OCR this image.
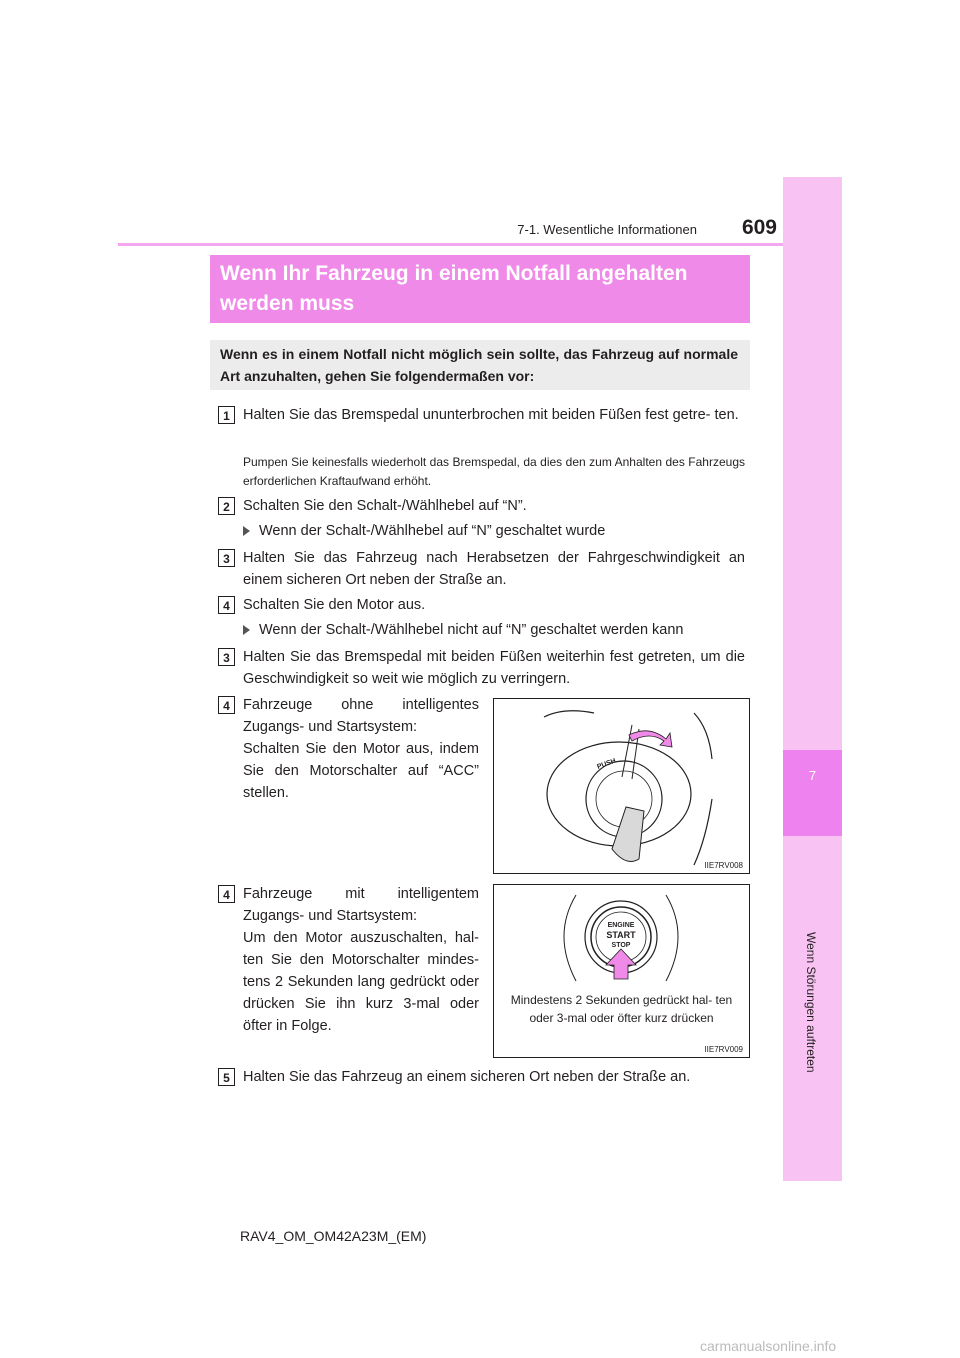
7
Wenn Störungen auftreten
7-1. Wesentliche Informationen	609
Wenn Ihr Fahrzeug in einem Notfall angehalten
werden muss
Wenn es in einem Notfall nicht möglich sein sollte, das Fahrzeug auf normale Art anzuhalten, gehen Sie folgendermaßen vor:
1 Halten Sie das Bremspedal ununterbrochen mit beiden Füßen fest getre- ten.
Pumpen Sie keinesfalls wiederholt das Bremspedal, da dies den zum Anhalten des Fahrzeugs erforderlichen Kraftaufwand erhöht.
2 Schalten Sie den Schalt-/Wählhebel auf “N”.
Wenn der Schalt-/Wählhebel auf “N” geschaltet wurde
3 Halten Sie das Fahrzeug nach Herabsetzen der Fahrgeschwindigkeit an einem sicheren Ort neben der Straße an.
4 Schalten Sie den Motor aus.
Wenn der Schalt-/Wählhebel nicht auf “N” geschaltet werden kann
3 Halten Sie das Bremspedal mit beiden Füßen weiterhin fest getreten, um die Geschwindigkeit so weit wie möglich zu verringern.
4 Fahrzeuge ohne intelligentes
Zugangs- und Startsystem:
Schalten Sie den Motor aus, indem Sie den Motorschalter auf “ACC” stellen.
PUSH
IIE7RV008
4 Fahrzeuge mit intelligentem
Zugangs- und Startsystem:
Um den Motor auszuschalten, hal- ten Sie den Motorschalter mindes- tens 2 Sekunden lang gedrückt oder drücken Sie ihn kurz 3-mal oder öfter in Folge.
ENGINE
START
STOP
Mindestens 2 Sekunden gedrückt hal- ten oder 3-mal oder öfter kurz drücken
IIE7RV009
5 Halten Sie das Fahrzeug an einem sicheren Ort neben der Straße an.
RAV4_OM_OM42A23M_(EM)
carmanualsonline.info
